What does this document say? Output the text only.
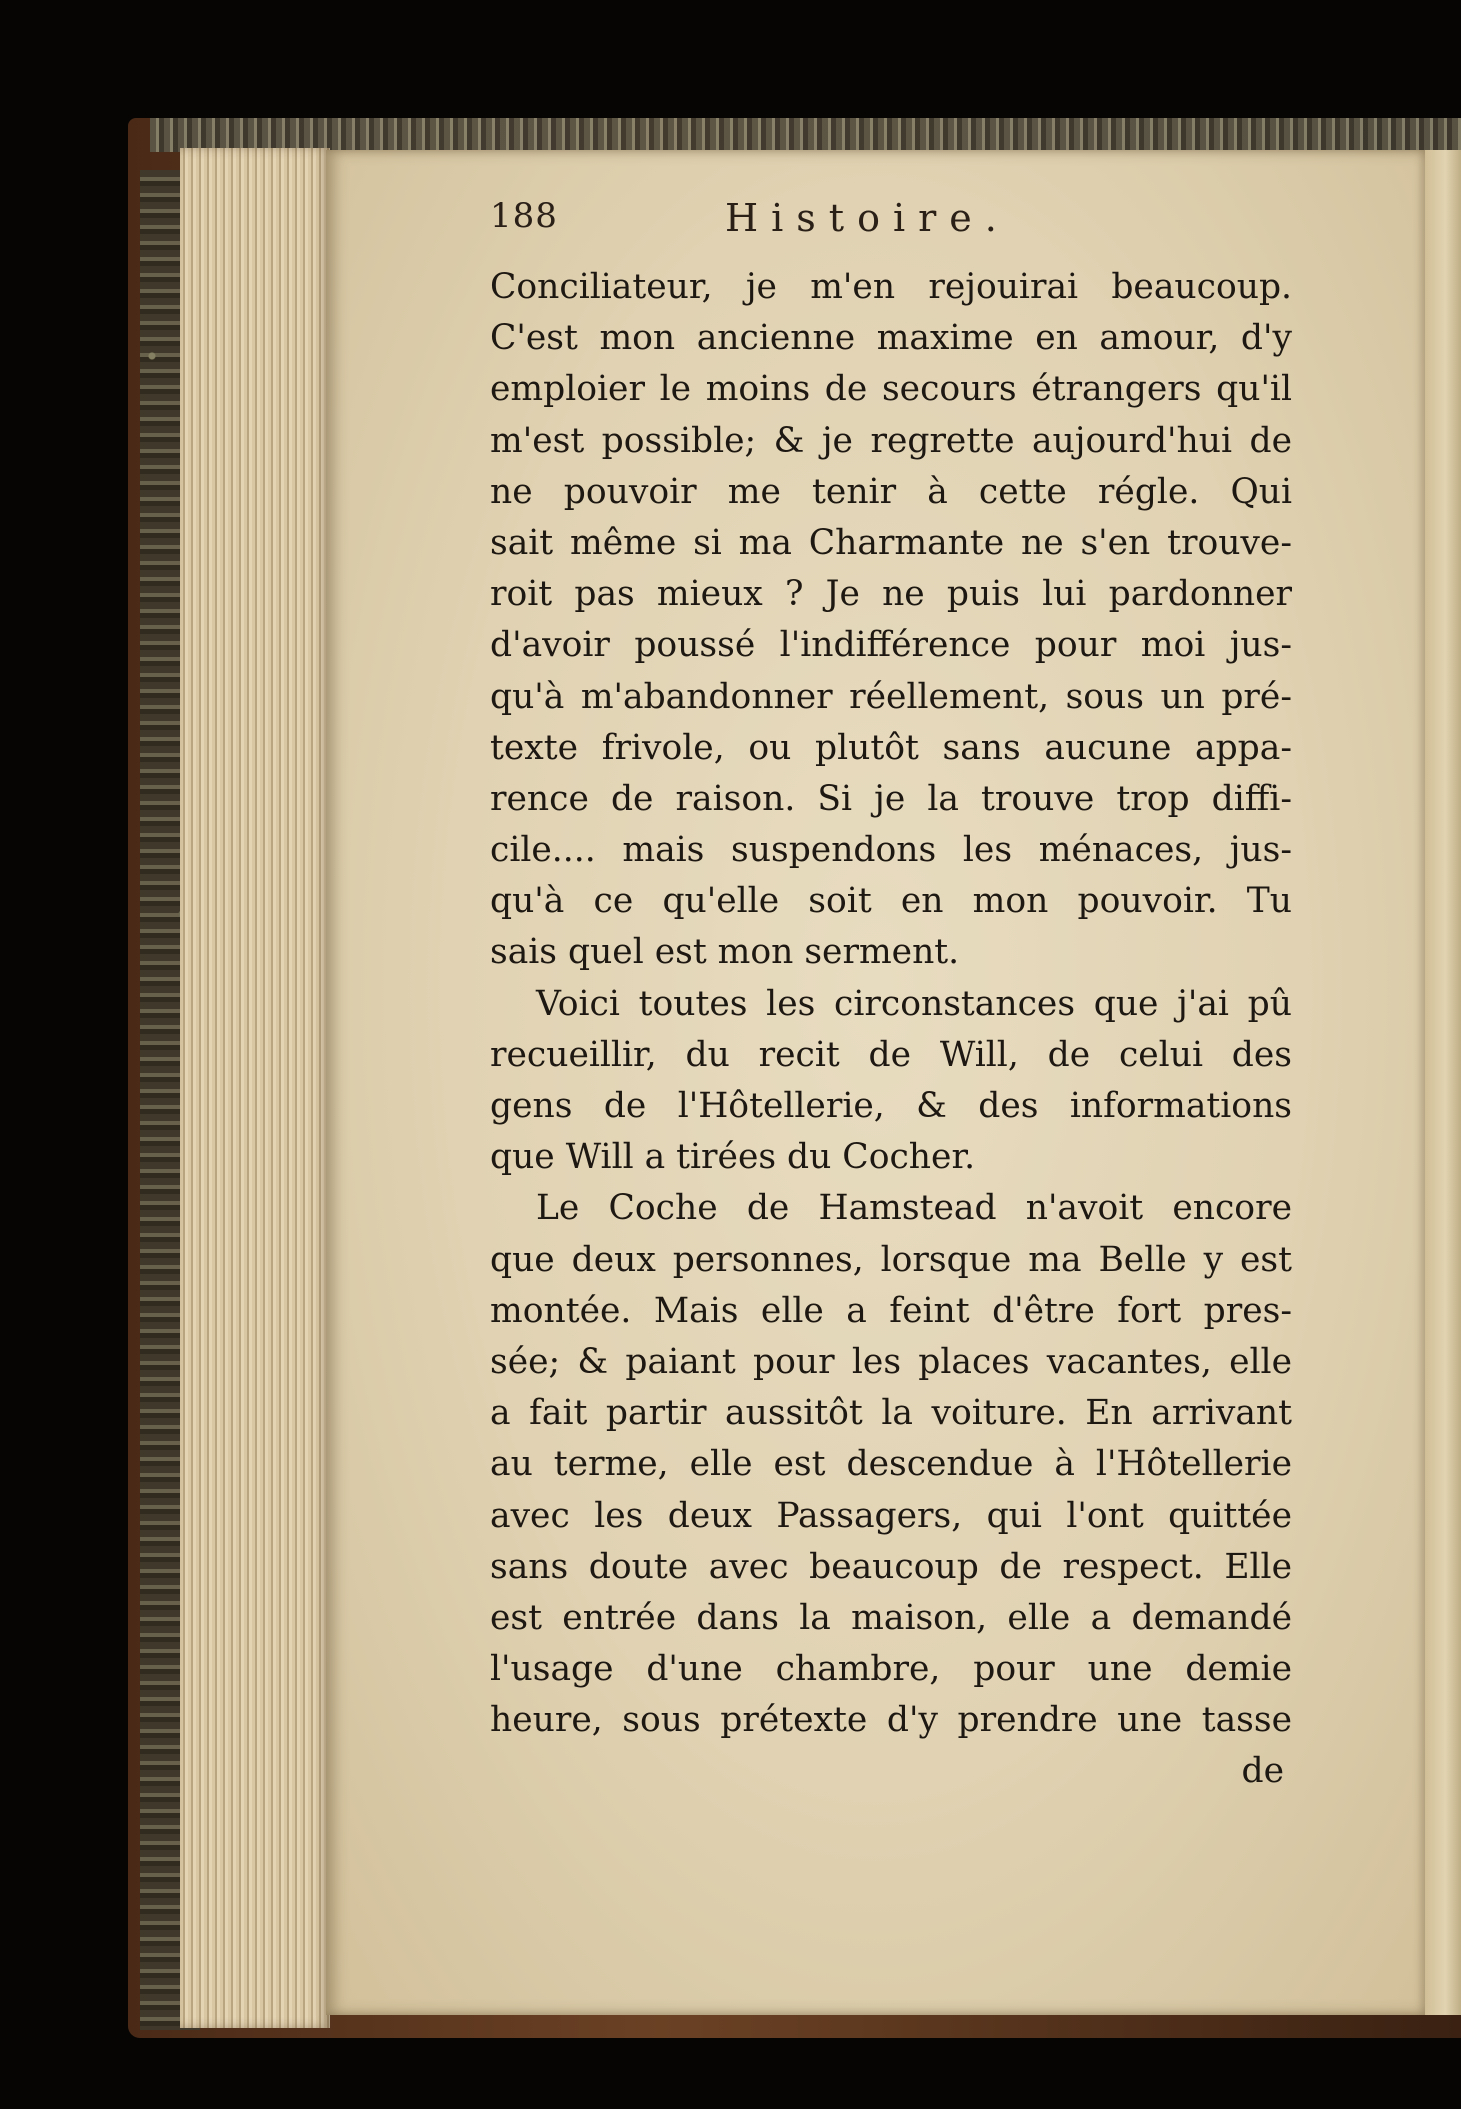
188	Histoire.
Conciliateur, je m'en rejouirai beaucoup.
C'est mon ancienne maxime en amour, d'y
emploier le moins de secours étrangers qu'il
m'est possible; & je regrette aujourd'hui de
ne pouvoir me tenir à cette régle. Qui
sait même si ma Charmante ne s'en trouve-
roit pas mieux ? Je ne puis lui pardonner
d'avoir poussé l'indifférence pour moi jus-
qu'à m'abandonner réellement, sous un pré-
texte frivole, ou plutôt sans aucune appa-
rence de raison. Si je la trouve trop diffi-
cile.... mais suspendons les ménaces, jus-
qu'à ce qu'elle soit en mon pouvoir. Tu
sais quel est mon serment.
Voici toutes les circonstances que j'ai pû
recueillir, du recit de Will, de celui des
gens de l'Hôtellerie, & des informations
que Will a tirées du Cocher.
Le Coche de Hamstead n'avoit encore
que deux personnes, lorsque ma Belle y est
montée. Mais elle a feint d'être fort pres-
sée; & paiant pour les places vacantes, elle
a fait partir aussitôt la voiture. En arrivant
au terme, elle est descendue à l'Hôtellerie
avec les deux Passagers, qui l'ont quittée
sans doute avec beaucoup de respect. Elle
est entrée dans la maison, elle a demandé
l'usage d'une chambre, pour une demie
heure, sous prétexte d'y prendre une tasse
de
